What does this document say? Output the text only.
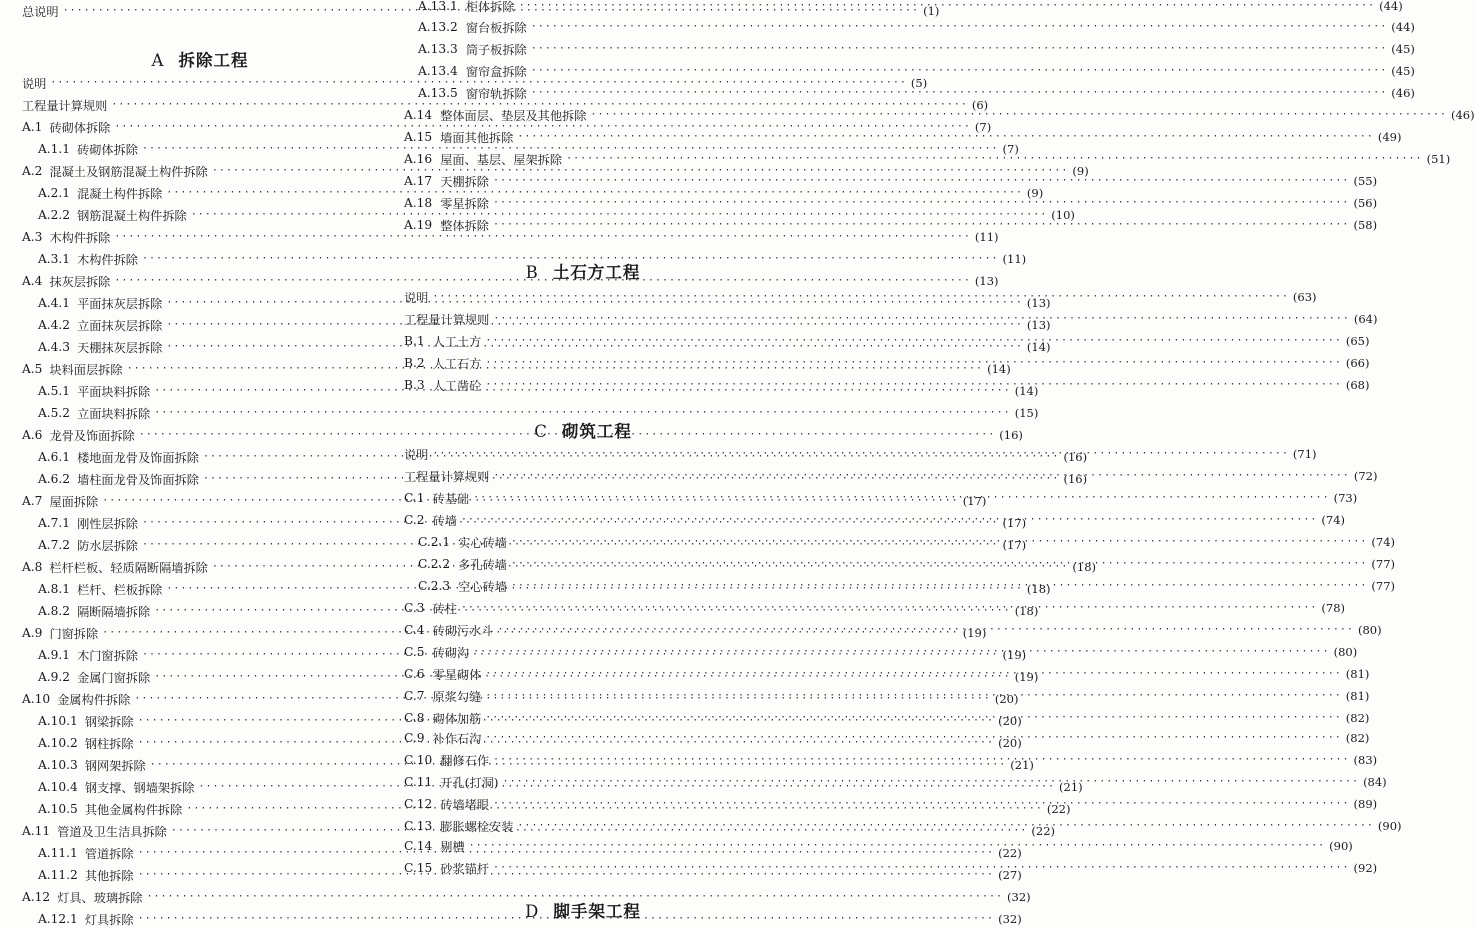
总说明 ·····	(1)
A 拆除工程
说明 ·····	(5)
工程量计算规则 ·····	(6)
A.1 砖砌体拆除 ·····	(7)
A.1.1 砖砌体拆除 ·····	(7)
A.2 混凝土及钢筋混凝土构件拆除 ·····	(9)
A.2.1 混凝土构件拆除 ·····	(9)
A.2.2 钢筋混凝土构件拆除 ·····	(10)
A.3 木构件拆除 ·····	(11)
A.3.1 木构件拆除 ·····	(11)
A.4 抹灰层拆除 ·····	(13)
A.4.1 平面抹灰层拆除 ·····	(13)
A.4.2 立面抹灰层拆除 ·····	(13)
A.4.3 天棚抹灰层拆除 ·····	(14)
A.5 块料面层拆除 ·····	(14)
A.5.1 平面块料拆除 ·····	(14)
A.5.2 立面块料拆除 ·····	(15)
A.6 龙骨及饰面拆除 ·····	(16)
A.6.1 楼地面龙骨及饰面拆除 ·····	(16)
A.6.2 墙柱面龙骨及饰面拆除 ·····	(16)
A.7 屋面拆除 ·····	(17)
A.7.1 刚性层拆除 ·····	(17)
A.7.2 防水层拆除 ·····	(17)
A.8 栏杆栏板、轻质隔断隔墙拆除 ·····	(18)
A.8.1 栏杆、栏板拆除 ·····	(18)
A.8.2 隔断隔墙拆除 ·····	(18)
A.9 门窗拆除 ·····	(19)
A.9.1 木门窗拆除 ·····	(19)
A.9.2 金属门窗拆除 ·····	(19)
A.10 金属构件拆除 ·····	(20)
A.10.1 钢梁拆除 ·····	(20)
A.10.2 钢柱拆除 ·····	(20)
A.10.3 钢网架拆除 ·····	(21)
A.10.4 钢支撑、钢墙架拆除 ·····	(21)
A.10.5 其他金属构件拆除 ·····	(22)
A.11 管道及卫生洁具拆除 ·····	(22)
A.11.1 管道拆除 ·····	(22)
A.11.2 其他拆除 ·····	(27)
A.12 灯具、玻璃拆除 ·····	(32)
A.12.1 灯具拆除 ·····	(32)
A.13.1 柜体拆除 ·····	(44)
A.13.2 窗台板拆除 ·····	(44)
A.13.3 筒子板拆除 ·····	(45)
A.13.4 窗帘盒拆除 ·····	(45)
A.13.5 窗帘轨拆除 ·····	(46)
A.14 整体面层、垫层及其他拆除 ·····	(46)
A.15 墙面其他拆除 ·····	(49)
A.16 屋面、基层、屋架拆除 ·····	(51)
A.17 天棚拆除 ·····	(55)
A.18 零星拆除 ·····	(56)
A.19 整体拆除 ·····	(58)
B 土石方工程
说明 ·····	(63)
工程量计算规则 ·····	(64)
B.1 人工土方 ·····	(65)
B.2 人工石方 ·····	(66)
B.3 人工凿砼 ·····	(68)
C 砌筑工程
说明 ·····	(71)
工程量计算规则 ·····	(72)
C.1 砖基础 ·····	(73)
C.2 砖墙 ·····	(74)
C.2.1 实心砖墙 ·····	(74)
C.2.2 多孔砖墙 ·····	(77)
C.2.3 空心砖墙 ·····	(77)
C.3 砖柱 ·····	(78)
C.4 砖砌污水斗 ·····	(80)
C.5 砖砌沟 ·····	(80)
C.6 零星砌体 ·····	(81)
C.7 原浆勾缝 ·····	(81)
C.8 砌体加筋 ·····	(82)
C.9 补作石沟 ·····	(82)
C.10 翻修石作 ·····	(83)
C.11 开孔(打洞) ·····	(84)
C.12 砖墙堵眼 ·····	(89)
C.13 膨胀螺栓安装 ·····	(90)
C.14 剔槽 ·····	(90)
C.15 砂浆锚杆 ·····	(92)
D 脚手架工程
